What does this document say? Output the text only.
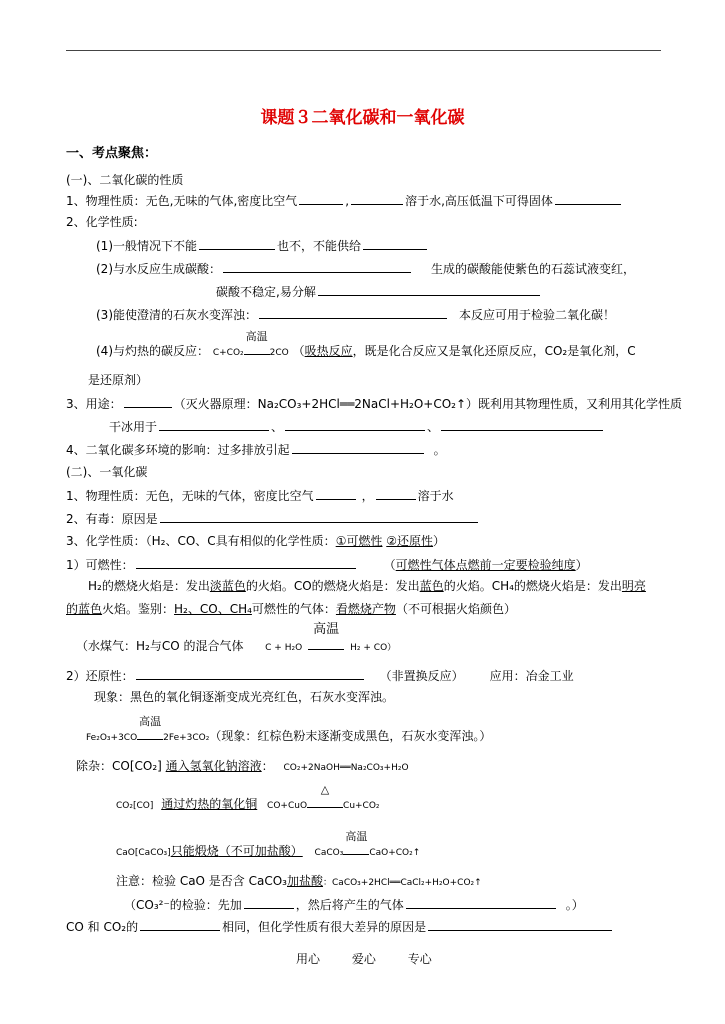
课题３二氧化碳和一氧化碳
一、考点聚焦：
(一)、二氧化碳的性质
1、物理性质：无色,无味的气体,密度比空气	,	溶于水,高压低温下可得固体
2、化学性质:
(1)一般情况下不能	也不，不能供给
(2)与水反应生成碳酸：	生成的碳酸能使紫色的石蕊试液变红，
碳酸不稳定,易分解
(3)能使澄清的石灰水变浑浊：	本反应可用于检验二氧化碳！
(4)与灼热的碳反应： C+CO₂
高温
2CO （吸热反应，既是化合反应又是氧化还原反应，CO₂是氧化剂，C
是还原剂）
3、用途：	（灭火器原理：Na₂CO₃+2HCl══2NaCl+H₂O+CO₂↑）既利用其物理性质，又利用其化学性质
干冰用于	、	、
4、二氧化碳多环境的影响：过多排放引起	。
(二)、一氧化碳
1、物理性质：无色，无味的气体，密度比空气	，	溶于水
2、有毒：原因是
3、化学性质：（H₂、CO、C具有相似的化学性质：①可燃性 ②还原性）
1）可燃性：	（可燃性气体点燃前一定要检验纯度）
H₂的燃烧火焰是：发出淡蓝色的火焰。CO的燃烧火焰是：发出蓝色的火焰。CH₄的燃烧火焰是：发出明亮
的蓝色火焰。鉴别：H₂、CO、CH₄可燃性的气体：看燃烧产物（不可根据火焰颜色）
（水煤气：H₂与CO 的混合气体 C + H₂O
高温
H₂ + CO）
2）还原性：	（非置换反应） 应用：冶金工业
现象：黑色的氧化铜逐渐变成光亮红色，石灰水变浑浊。
Fe₂O₃+3CO
高温
2Fe+3CO₂（现象：红棕色粉末逐渐变成黑色，石灰水变浑浊。）
除杂：CO[CO₂] 通入氢氧化钠溶液： CO₂+2NaOH══Na₂CO₃+H₂O
CO₂[CO] 通过灼热的氧化铜 CO+CuO
△
Cu+CO₂
CaO[CaCO₃]只能煅烧（不可加盐酸） CaCO₃
高温
CaO+CO₂↑
注意：检验 CaO 是否含 CaCO₃加盐酸：CaCO₃+2HCl══CaCl₂+H₂O+CO₂↑
（CO₃²⁻的检验：先加	，然后将产生的气体	。）
CO 和 CO₂的	相同，但化学性质有很大差异的原因是
用心	爱心	专心
